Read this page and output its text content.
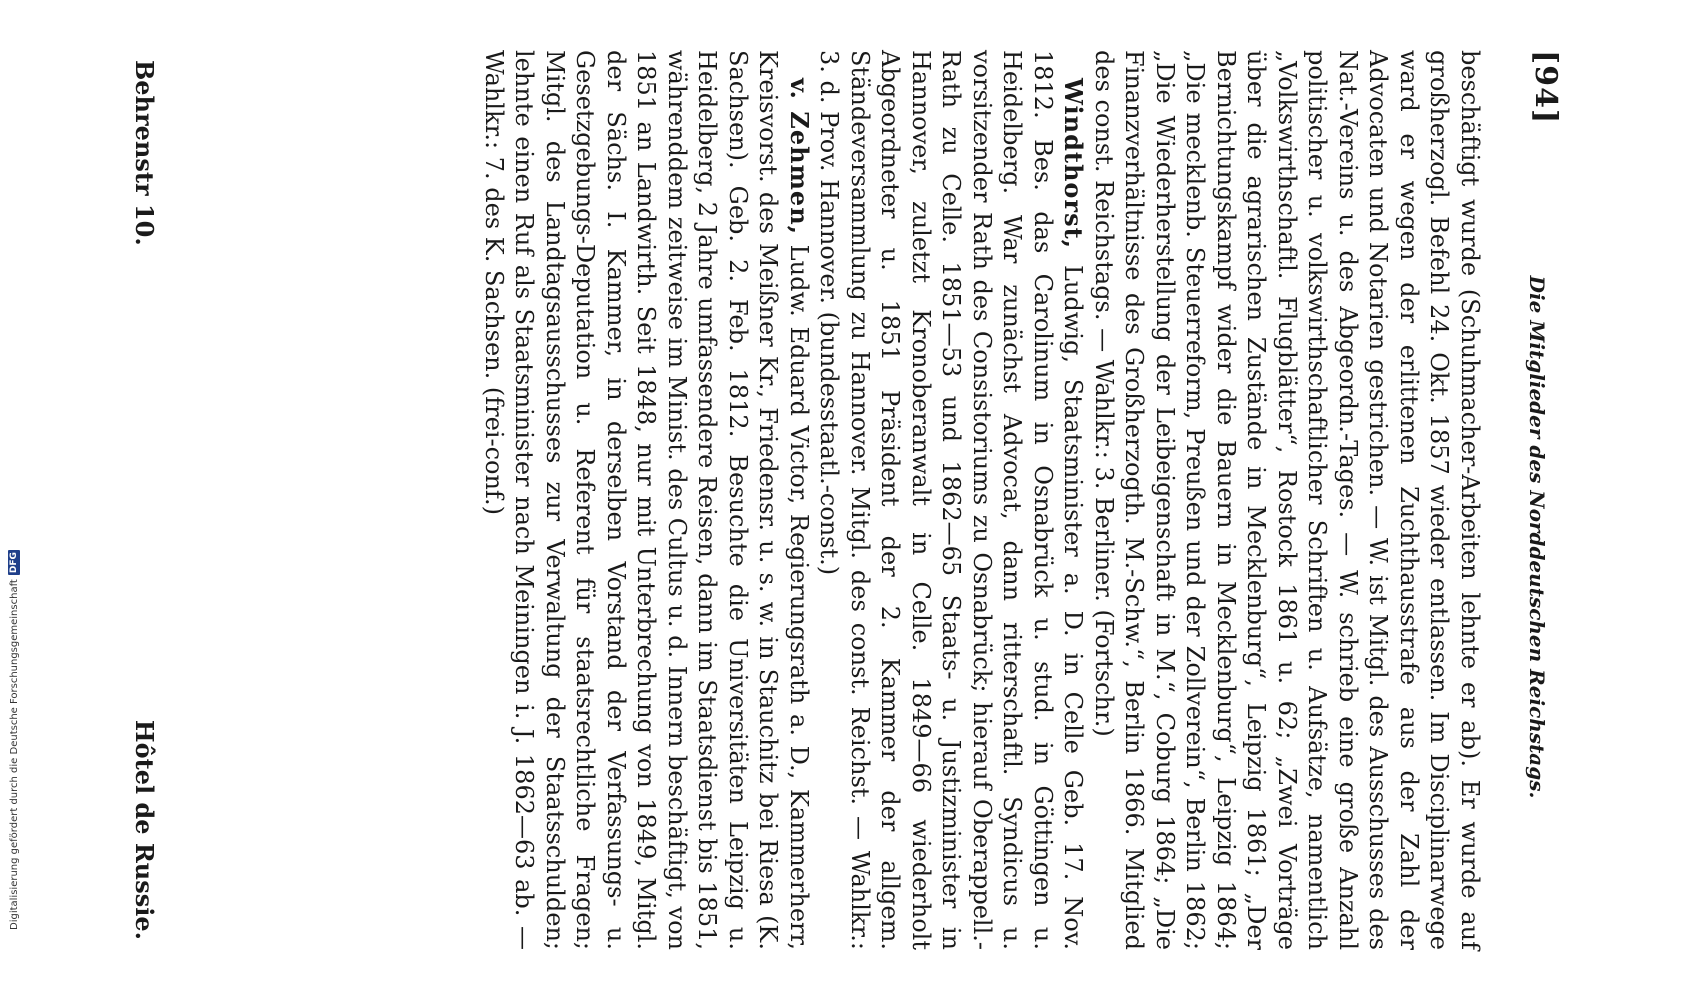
[94]
Die Mitglieder des Norddeutschen Reichstags.

beschäftigt wurde (Schuhmacher-Arbeiten lehnte er ab). Er wurde auf großherzogl. Befehl 24. Okt. 1857 wieder entlassen. Im Disciplinarwege ward er wegen der erlittenen Zuchthausstrafe aus der Zahl der Advocaten und Notarien gestrichen. — W. ist Mitgl. des Ausschusses des Nat.-Vereins u. des Abgeordn.-Tages. — W. schrieb eine große Anzahl politischer u. volkswirthschaftlicher Schriften u. Aufsätze, namentlich „Volkswirthschaftl. Flugblätter“, Rostock 1861 u. 62; „Zwei Vorträge über die agrarischen Zustände in Mecklenburg“, Leipzig 1861; „Der Bernichtungskampf wider die Bauern in Mecklenburg“, Leipzig 1864; „Die mecklenb. Steuerreform, Preußen und der Zollverein“, Berlin 1862; „Die Wiederherstellung der Leibeigenschaft in M.“, Coburg 1864; „Die Finanzverhältnisse des Großherzogth. M.-Schw.“, Berlin 1866. Mitglied des const. Reichstags. — Wahlkr.: 3. Berliner. (Fortschr.)

Windthorst, Ludwig, Staatsminister a. D. in Celle Geb. 17. Nov. 1812. Bes. das Carolinum in Osnabrück u. stud. in Göttingen u. Heidelberg. War zunächst Advocat, dann ritterschaftl. Syndicus u. vorsitzender Rath des Consistoriums zu Osnabrück; hierauf Oberappell.-Rath zu Celle. 1851—53 und 1862—65 Staats- u. Justizminister in Hannover, zuletzt Kronoberanwalt in Celle. 1849—66 wiederholt Abgeordneter u. 1851 Präsident der 2. Kammer der allgem. Ständeversammlung zu Hannover. Mitgl. des const. Reichst. — Wahlkr.: 3. d. Prov. Hannover. (bundesstaatl.-const.)

v. Zehmen, Ludw. Eduard Victor, Regierungsrath a. D., Kammerherr, Kreisvorst. des Meißner Kr., Friedensr. u. s. w. in Stauchitz bei Riesa (K. Sachsen). Geb. 2. Feb. 1812. Besuchte die Universitäten Leipzig u. Heidelberg, 2 Jahre umfassendere Reisen, dann im Staatsdienst bis 1851, währenddem zeitweise im Minist. des Cultus u. d. Innern beschäftigt, von 1851 an Landwirth. Seit 1848, nur mit Unterbrechung von 1849, Mitgl. der Sächs. I. Kammer, in derselben Vorstand der Verfassungs- u. Gesetzgebungs-Deputation u. Referent für staatsrechtliche Fragen; Mitgl. des Landtagsausschusses zur Verwaltung der Staatsschulden; lehnte einen Ruf als Staatsminister nach Meiningen i. J. 1862—63 ab. — Wahlkr.: 7. des K. Sachsen. (frei-conf.)

Behrenstr 10.
Hôtel de Russie.
Digitalisierung gefördert durch die Deutsche Forschungsgemeinschaft
DFG
